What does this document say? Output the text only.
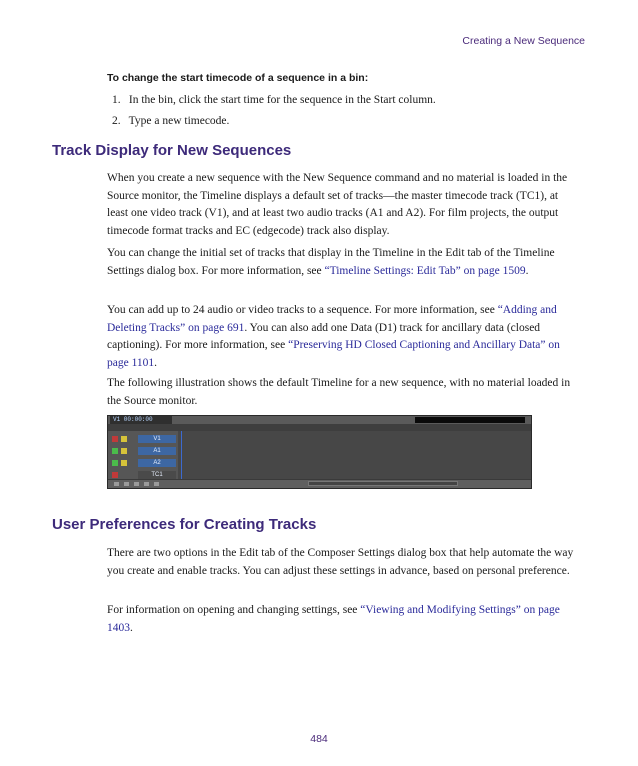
Creating a New Sequence
To change the start timecode of a sequence in a bin:
1. In the bin, click the start time for the sequence in the Start column.
2. Type a new timecode.
Track Display for New Sequences
When you create a new sequence with the New Sequence command and no material is loaded in the Source monitor, the Timeline displays a default set of tracks—the master timecode track (TC1), at least one video track (V1), and at least two audio tracks (A1 and A2). For film projects, the output timecode format tracks and EC (edgecode) track also display.
You can change the initial set of tracks that display in the Timeline in the Edit tab of the Timeline
Settings dialog box. For more information, see “Timeline Settings: Edit Tab” on page 1509.
You can add up to 24 audio or video tracks to a sequence. For more information, see “Adding and Deleting Tracks” on page 691. You can also add one Data (D1) track for ancillary data (closed captioning). For more information, see “Preserving HD Closed Captioning and Ancillary Data” on page 1101.
The following illustration shows the default Timeline for a new sequence, with no material loaded in the Source monitor.
V1 00:00:00
V1
A1
A2
TC1
User Preferences for Creating Tracks
There are two options in the Edit tab of the Composer Settings dialog box that help automate the way you create and enable tracks. You can adjust these settings in advance, based on personal preference.
For information on opening and changing settings, see “Viewing and Modifying Settings” on page 1403.
484
